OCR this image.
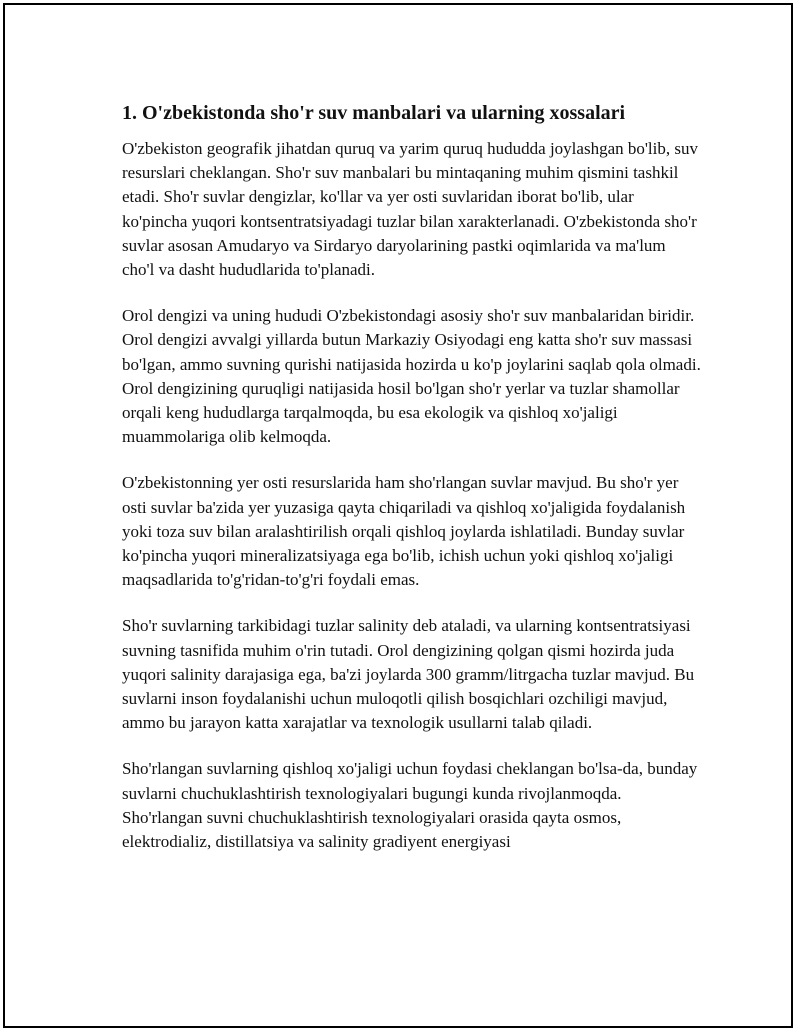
1. O'zbekistonda sho'r suv manbalari va ularning xossalari

O'zbekiston geografik jihatdan quruq va yarim quruq hududda joylashgan bo'lib, suv resurslari cheklangan. Sho'r suv manbalari bu mintaqaning muhim qismini tashkil etadi. Sho'r suvlar dengizlar, ko'llar va yer osti suvlaridan iborat bo'lib, ular ko'pincha yuqori kontsentratsiyadagi tuzlar bilan xarakterlanadi. O'zbekistonda sho'r suvlar asosan Amudaryo va Sirdaryo daryolarining pastki oqimlarida va ma'lum cho'l va dasht hududlarida to'planadi.

Orol dengizi va uning hududi O'zbekistondagi asosiy sho'r suv manbalaridan biridir. Orol dengizi avvalgi yillarda butun Markaziy Osiyodagi eng katta sho'r suv massasi bo'lgan, ammo suvning qurishi natijasida hozirda u ko'p joylarini saqlab qola olmadi. Orol dengizining quruqligi natijasida hosil bo'lgan sho'r yerlar va tuzlar shamollar orqali keng hududlarga tarqalmoqda, bu esa ekologik va qishloq xo'jaligi muammolariga olib kelmoqda.

O'zbekistonning yer osti resurslarida ham sho'rlangan suvlar mavjud. Bu sho'r yer osti suvlar ba'zida yer yuzasiga qayta chiqariladi va qishloq xo'jaligida foydalanish yoki toza suv bilan aralashtirilish orqali qishloq joylarda ishlatiladi. Bunday suvlar ko'pincha yuqori mineralizatsiyaga ega bo'lib, ichish uchun yoki qishloq xo'jaligi maqsadlarida to'g'ridan-to'g'ri foydali emas.

Sho'r suvlarning tarkibidagi tuzlar salinity deb ataladi, va ularning kontsentratsiyasi suvning tasnifida muhim o'rin tutadi. Orol dengizining qolgan qismi hozirda juda yuqori salinity darajasiga ega, ba'zi joylarda 300 gramm/litrgacha tuzlar mavjud. Bu suvlarni inson foydalanishi uchun muloqotli qilish bosqichlari ozchiligi mavjud, ammo bu jarayon katta xarajatlar va texnologik usullarni talab qiladi.

Sho'rlangan suvlarning qishloq xo'jaligi uchun foydasi cheklangan bo'lsa-da, bunday suvlarni chuchuklashtirish texnologiyalari bugungi kunda rivojlanmoqda. Sho'rlangan suvni chuchuklashtirish texnologiyalari orasida qayta osmos, elektrodializ, distillatsiya va salinity gradiyent energiyasi
